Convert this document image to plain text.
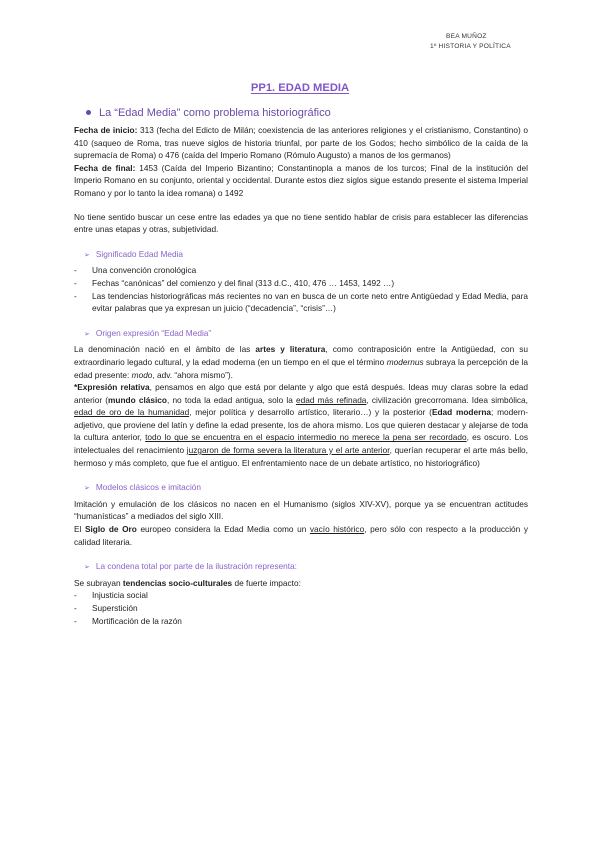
BEA MUÑOZ
1º HISTORIA Y POLÍTICA
PP1. EDAD MEDIA
La “Edad Media” como problema historiográfico

Fecha de inicio: 313 (fecha del Edicto de Milán; coexistencia de las anteriores religiones y el cristianismo, Constantino) o 410 (saqueo de Roma, tras nueve siglos de historia triunfal, por parte de los Godos; hecho simbólico de la caída de la supremacía de Roma) o 476 (caída del Imperio Romano (Rómulo Augusto) a manos de los germanos)

Fecha de final: 1453 (Caída del Imperio Bizantino; Constantinopla a manos de los turcos; Final de la institución del Imperio Romano en su conjunto, oriental y occidental. Durante estos diez siglos sigue estando presente el sistema Imperial Romano y por lo tanto la idea romana) o 1492

No tiene sentido buscar un cese entre las edades ya que no tiene sentido hablar de crisis para establecer las diferencias entre unas etapas y otras, subjetividad.

➢ Significado Edad Media
- Una convención cronológica
- Fechas “canónicas” del comienzo y del final (313 d.C., 410, 476 … 1453, 1492 …)
- Las tendencias historiográficas más recientes no van en busca de un corte neto entre Antigüedad y Edad Media, para evitar palabras que ya expresan un juicio (“decadencia”, “crisis”…)
➢ Origen expresión “Edad Media”

La denominación nació en el ámbito de las artes y literatura, como contraposición entre la Antigüedad, con su extraordinario legado cultural, y la edad moderna (en un tiempo en el que el término modernus subraya la percepción de la edad presente: modo, adv. “ahora mismo”).

*Expresión relativa, pensamos en algo que está por delante y algo que está después. Ideas muy claras sobre la edad anterior (mundo clásico, no toda la edad antigua, solo la edad más refinada, civilización grecorromana. Idea simbólica, edad de oro de la humanidad, mejor política y desarrollo artístico, literario…) y la posterior (Edad moderna; modern-adjetivo, que proviene del latín y define la edad presente, los de ahora mismo. Los que quieren destacar y alejarse de toda la cultura anterior, todo lo que se encuentra en el espacio intermedio no merece la pena ser recordado, es oscuro. Los intelectuales del renacimiento juzgaron de forma severa la literatura y el arte anterior, querían recuperar el arte más bello, hermoso y más completo, que fue el antiguo. El enfrentamiento nace de un debate artístico, no historiográfico)

➢ Modelos clásicos e imitación

Imitación y emulación de los clásicos no nacen en el Humanismo (siglos XIV-XV), porque ya se encuentran actitudes “humanísticas” a mediados del siglo XIII.

El Siglo de Oro europeo considera la Edad Media como un vacío histórico, pero sólo con respecto a la producción y calidad literaria.

➢ La condena total por parte de la ilustración representa:

Se subrayan tendencias socio-culturales de fuerte impacto:

- Injusticia social
- Superstición
- Mortificación de la razón
